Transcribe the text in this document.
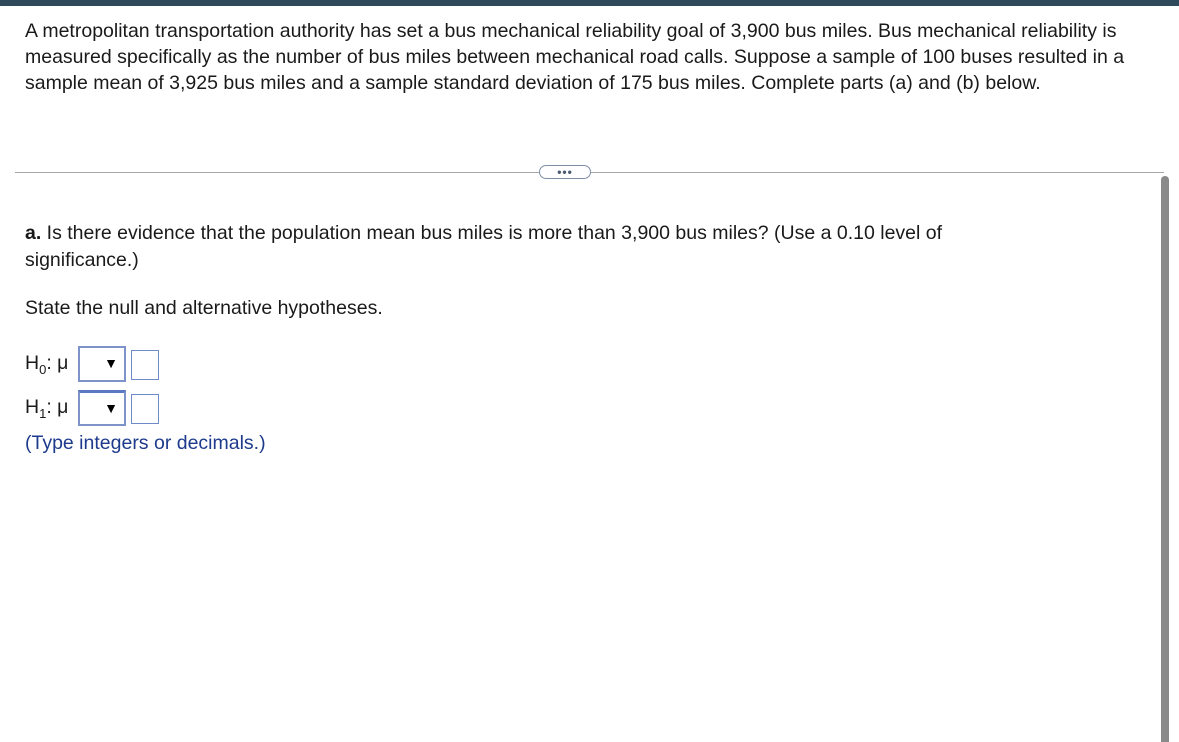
A metropolitan transportation authority has set a bus mechanical reliability goal of 3,900 bus miles. Bus mechanical reliability is measured specifically as the number of bus miles between mechanical road calls. Suppose a sample of 100 buses resulted in a sample mean of 3,925 bus miles and a sample standard deviation of 175 bus miles. Complete parts (a) and (b) below.
•••
a. Is there evidence that the population mean bus miles is more than 3,900 bus miles? (Use a 0.10 level of significance.)
State the null and alternative hypotheses.
$H_0$: μ	▼
$H_1$: μ	▼
(Type integers or decimals.)
